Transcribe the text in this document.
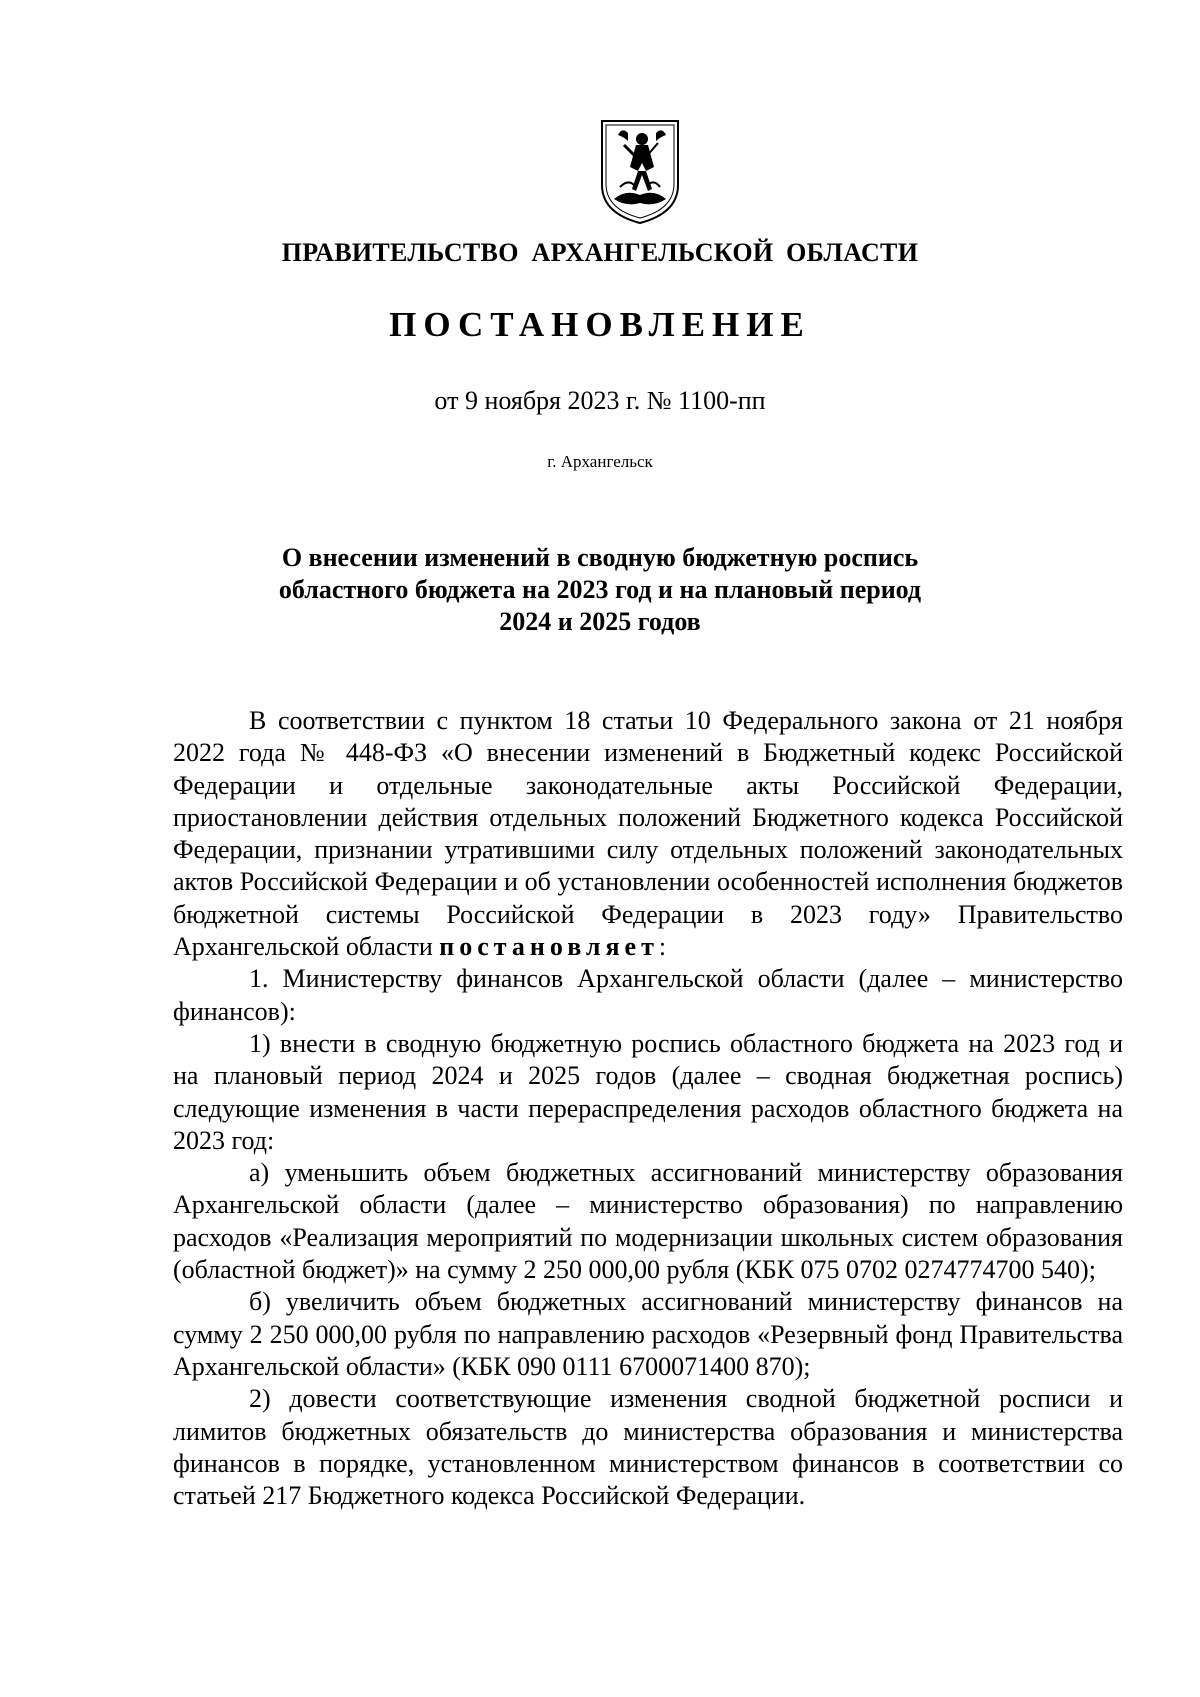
ПРАВИТЕЛЬСТВО АРХАНГЕЛЬСКОЙ ОБЛАСТИ
ПОСТАНОВЛЕНИЕ
от 9 ноября 2023 г. № 1100-пп
г. Архангельск
О внесении изменений в сводную бюджетную роспись
областного бюджета на 2023 год и на плановый период
2024 и 2025 годов

В соответствии с пунктом 18 статьи 10 Федерального закона от 21 ноября 2022 года № 448-ФЗ «О внесении изменений в Бюджетный кодекс Российской Федерации и отдельные законодательные акты Российской Федерации, приостановлении действия отдельных положений Бюджетного кодекса Российской Федерации, признании утратившими силу отдельных положений законодательных актов Российской Федерации и об установлении особенностей исполнения бюджетов бюджетной системы Российской Федерации в 2023 году» Правительство Архангельской области постановляет:

1. Министерству финансов Архангельской области (далее – министерство финансов):

1) внести в сводную бюджетную роспись областного бюджета на 2023 год и на плановый период 2024 и 2025 годов (далее – сводная бюджетная роспись) следующие изменения в части перераспределения расходов областного бюджета на 2023 год:

а) уменьшить объем бюджетных ассигнований министерству образования Архангельской области (далее – министерство образования) по направлению расходов «Реализация мероприятий по модернизации школьных систем образования (областной бюджет)» на сумму 2 250 000,00 рубля (КБК 075 0702 0274774700 540);

б) увеличить объем бюджетных ассигнований министерству финансов на сумму 2 250 000,00 рубля по направлению расходов «Резервный фонд Правительства Архангельской области» (КБК 090 0111 6700071400 870);

2) довести соответствующие изменения сводной бюджетной росписи и лимитов бюджетных обязательств до министерства образования и министерства финансов в порядке, установленном министерством финансов в соответствии со статьей 217 Бюджетного кодекса Российской Федерации.
